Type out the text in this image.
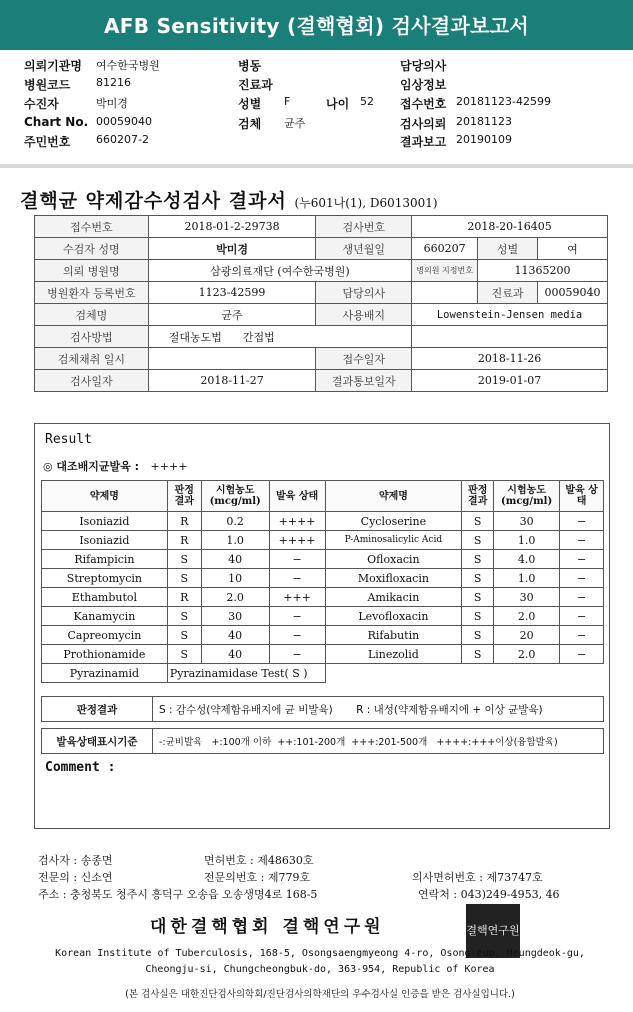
AFB Sensitivity (결핵협회) 검사결과보고서
의뢰기관명 여수한국병원
병원코드 81216
수진자	박미경
Chart No. 00059040
주민번호 660207-2
병동
진료과
성별 F	나이 52
검체 균주
담당의사
임상정보
접수번호 20181123-42599
검사의뢰 20181123
결과보고 20190109
결핵균 약제감수성검사 결과서 (누601나(1), D6013001)
접수번호	2018-01-2-29738	검사번호	2018-20-16405		
수검자 성명	박미경	생년월일	660207	성별	여
의뢰 병원명	삼광의료재단 (여수한국병원)		병의원 지정번호	11365200	
병원환자 등록번호	1123-42599	담당의사		진료과	00059040
검체명	균주	사용배지	Lowenstein-Jensen media		
검사방법	절대농도법 간접법				
검체채취 일시		접수일자	2018-11-26		
검사일자	2018-11-27	결과통보일자	2019-01-07		
Result
◎ 대조배지균발육 : ++++
약제명	판정 결과	시험농도 (mcg/ml)	발육 상태	약제명	판정 결과	시험농도 (mcg/ml)	발육 상태
Isoniazid	R	0.2	++++	Cycloserine	S	30	−
Isoniazid	R	1.0	++++	P-Aminosalicylic Acid	S	1.0	−
Rifampicin	S	40	−	Ofloxacin	S	4.0	−
Streptomycin	S	10	−	Moxifloxacin	S	1.0	−
Ethambutol	R	2.0	+++	Amikacin	S	30	−
Kanamycin	S	30	−	Levofloxacin	S	2.0	−
Capreomycin	S	40	−	Rifabutin	S	20	−
Prothionamide	S	40	−	Linezolid	S	2.0	−
Pyrazinamid	Pyrazinamidase Test( S )						
판정결과	S : 감수성(약제함유배지에 균 비발육) R : 내성(약제함유배지에 + 이상 균발육)
발육상태표시기준	-:균비발육   +:100개 이하  ++:101-200개  +++:201-500개   ++++:+++이상(융합발육)
Comment :
검사자 : 송종면	면허번호 : 제48630호
전문의 : 신소연	전문의번호 : 제779호	의사면허번호 : 제73747호
주소 : 충청북도 청주시 흥덕구 오송읍 오송생명4로 168-5	연락처 : 043)249-4953, 46
대한결핵협회 결핵연구원	결핵연구원
Korean Institute of Tuberculosis, 168-5, Osongsaengmyeong 4-ro, Osong-eup, Heungdeok-gu,
Cheongju-si, Chungcheongbuk-do, 363-954, Republic of Korea
(본 검사실은 대한진단검사의학회/진단검사의학재단의 우수검사실 인증을 받은 검사실입니다.)
